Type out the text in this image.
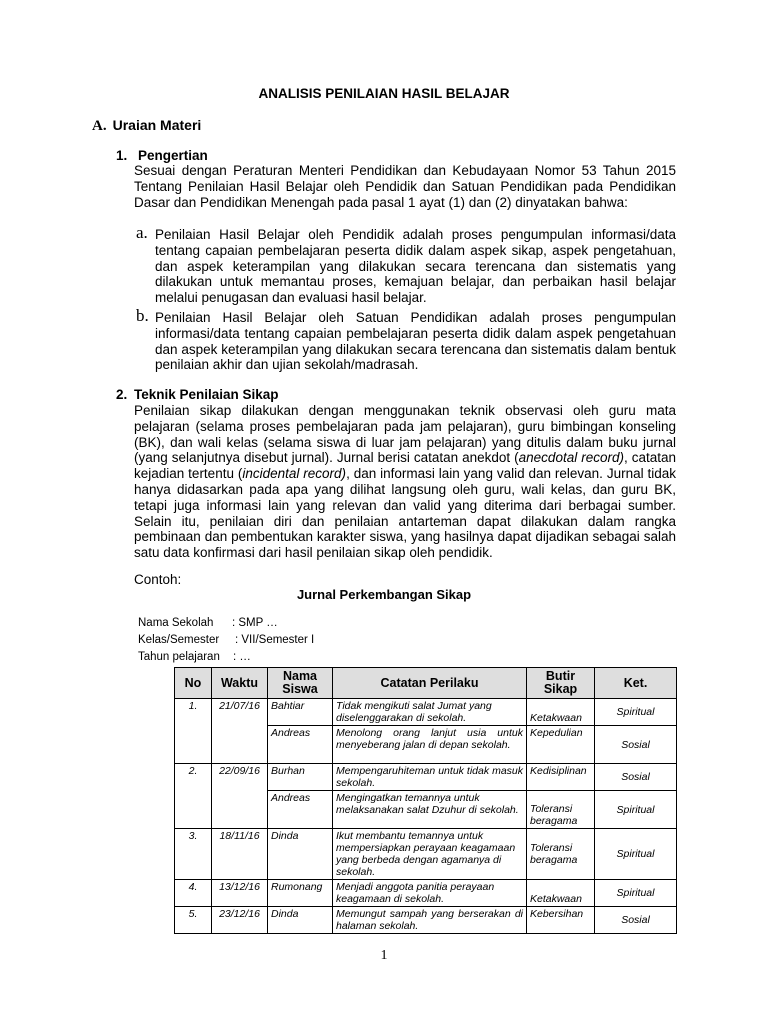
ANALISIS PENILAIAN HASIL BELAJAR
A. Uraian Materi
1. Pengertian
Sesuai dengan Peraturan Menteri Pendidikan dan Kebudayaan Nomor 53 Tahun 2015 Tentang Penilaian Hasil Belajar oleh Pendidik dan Satuan Pendidikan pada Pendidikan Dasar dan Pendidikan Menengah pada pasal 1 ayat (1) dan (2) dinyatakan bahwa:
a. Penilaian Hasil Belajar oleh Pendidik adalah proses pengumpulan informasi/data tentang capaian pembelajaran peserta didik dalam aspek sikap, aspek pengetahuan, dan aspek keterampilan yang dilakukan secara terencana dan sistematis yang dilakukan untuk memantau proses, kemajuan belajar, dan perbaikan hasil belajar melalui penugasan dan evaluasi hasil belajar.
b. Penilaian Hasil Belajar oleh Satuan Pendidikan adalah proses pengumpulan informasi/data tentang capaian pembelajaran peserta didik dalam aspek pengetahuan dan aspek keterampilan yang dilakukan secara terencana dan sistematis dalam bentuk penilaian akhir dan ujian sekolah/madrasah.
2. Teknik Penilaian Sikap
Penilaian sikap dilakukan dengan menggunakan teknik observasi oleh guru mata pelajaran (selama proses pembelajaran pada jam pelajaran), guru bimbingan konseling (BK), dan wali kelas (selama siswa di luar jam pelajaran) yang ditulis dalam buku jurnal (yang selanjutnya disebut jurnal). Jurnal berisi catatan anekdot (anecdotal record), catatan kejadian tertentu (incidental record), dan informasi lain yang valid dan relevan. Jurnal tidak hanya didasarkan pada apa yang dilihat langsung oleh guru, wali kelas, dan guru BK, tetapi juga informasi lain yang relevan dan valid yang diterima dari berbagai sumber. Selain itu, penilaian diri dan penilaian antarteman dapat dilakukan dalam rangka pembinaan dan pembentukan karakter siswa, yang hasilnya dapat dijadikan sebagai salah satu data konfirmasi dari hasil penilaian sikap oleh pendidik.
Contoh:
Jurnal Perkembangan Sikap
Nama Sekolah : SMP …
Kelas/Semester : VII/Semester I
Tahun pelajaran : …
No	Waktu	Nama Siswa	Catatan Perilaku	Butir Sikap	Ket.
1.	21/07/16	Bahtiar	Tidak mengikuti salat Jumat yang diselenggarakan di sekolah.	Ketakwaan	Spiritual
		Andreas	Menolong orang lanjut usia untuk menyeberang jalan di depan sekolah.	Kepedulian	Sosial
2.	22/09/16	Burhan	Mempengaruhiteman untuk tidak masuk sekolah.	Kedisiplinan	Sosial
		Andreas	Mengingatkan temannya untuk melaksanakan salat Dzuhur di sekolah.	Toleransi beragama	Spiritual
3.	18/11/16	Dinda	Ikut membantu temannya untuk mempersiapkan perayaan keagamaan yang berbeda dengan agamanya di sekolah.	Toleransi beragama	Spiritual
4.	13/12/16	Rumonang	Menjadi anggota panitia perayaan keagamaan di sekolah.	Ketakwaan	Spiritual
5.	23/12/16	Dinda	Memungut sampah yang berserakan di halaman sekolah.	Kebersihan	Sosial
1
